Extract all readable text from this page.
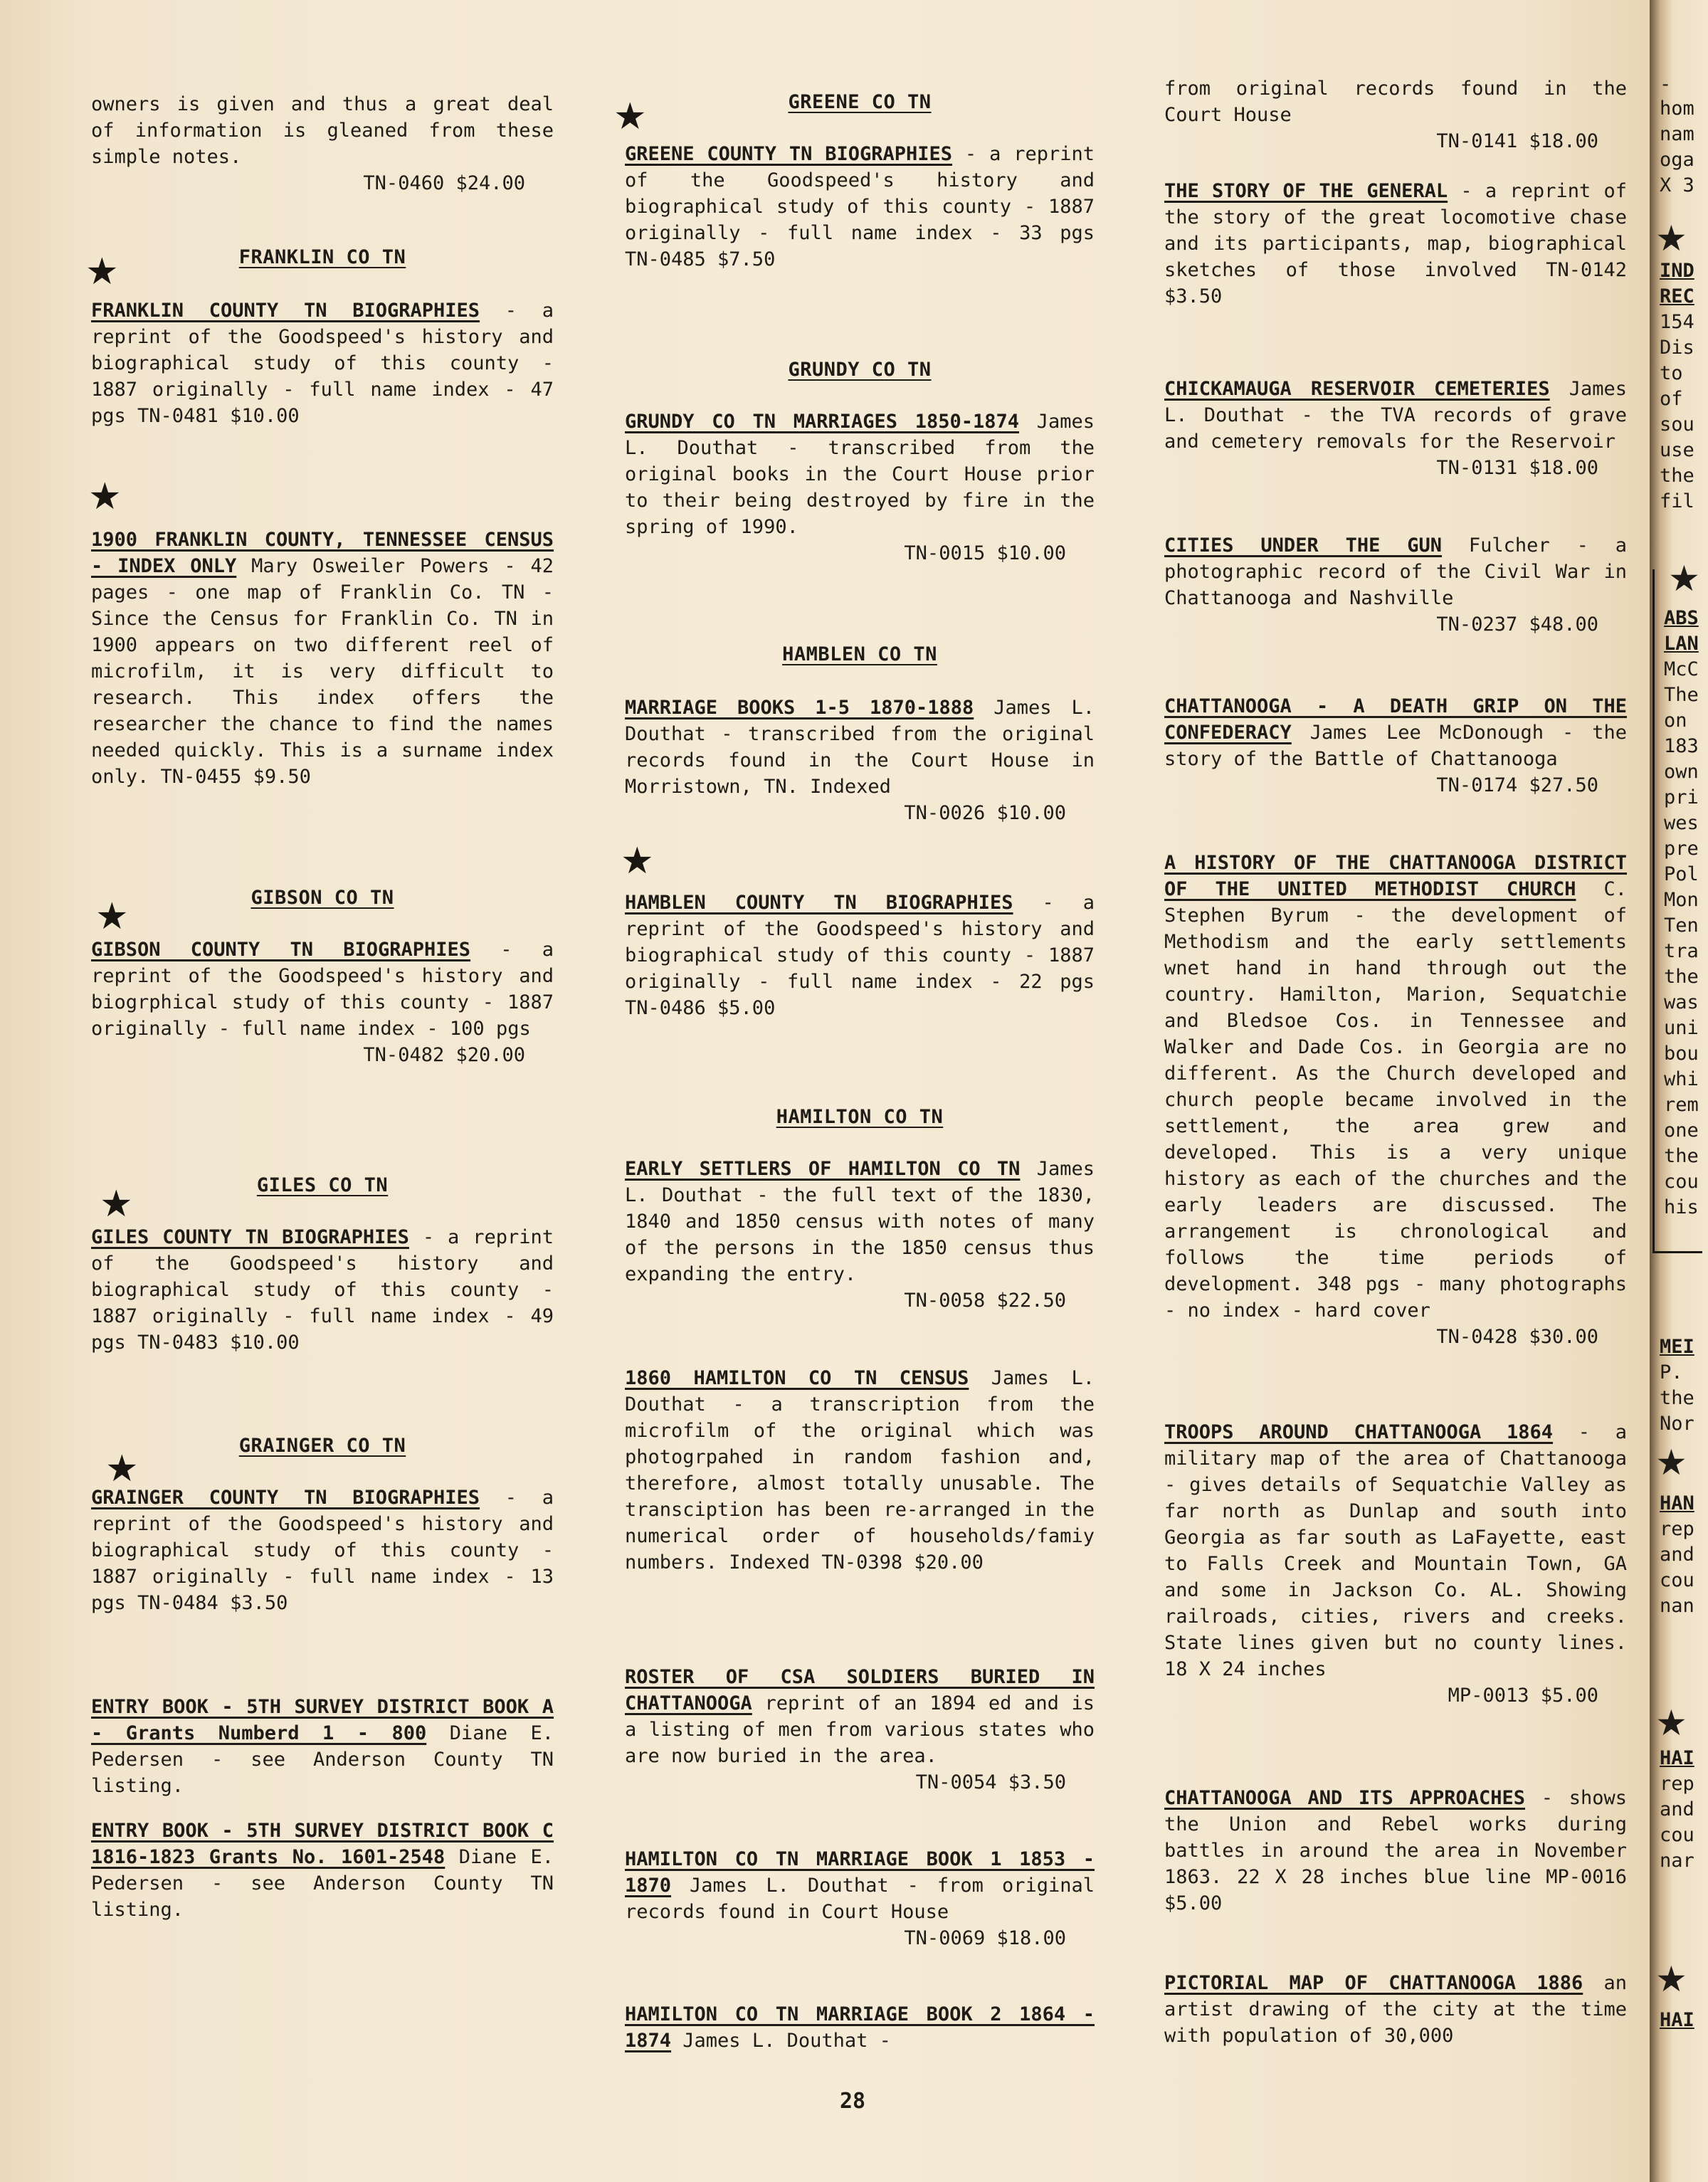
owners is given and thus a great deal of information is gleaned from these simple notes.
TN-0460 $24.00
FRANKLIN CO TN
FRANKLIN COUNTY TN BIOGRAPHIES - a reprint of the Goodspeed's history and biographical study of this county - 1887 originally - full name index - 47 pgs TN-0481 $10.00
1900 FRANKLIN COUNTY, TENNESSEE CENSUS - INDEX ONLY Mary Osweiler Powers - 42 pages - one map of Franklin Co. TN - Since the Census for Franklin Co. TN in 1900 appears on two different reel of microfilm, it is very difficult to research. This index offers the researcher the chance to find the names needed quickly. This is a surname index only. TN-0455 $9.50
GIBSON CO TN
GIBSON COUNTY TN BIOGRAPHIES - a reprint of the Goodspeed's history and biogrphical study of this county - 1887 originally - full name index - 100 pgs
TN-0482 $20.00
GILES CO TN
GILES COUNTY TN BIOGRAPHIES - a reprint of the Goodspeed's history and biographical study of this county - 1887 originally - full name index - 49 pgs TN-0483 $10.00
GRAINGER CO TN
GRAINGER COUNTY TN BIOGRAPHIES - a reprint of the Goodspeed's history and biographical study of this county - 1887 originally - full name index - 13 pgs TN-0484 $3.50
ENTRY BOOK - 5TH SURVEY DISTRICT BOOK A - Grants Numberd 1 - 800 Diane E. Pedersen - see Anderson County TN listing.
ENTRY BOOK - 5TH SURVEY DISTRICT BOOK C 1816-1823 Grants No. 1601-2548 Diane E. Pedersen - see Anderson County TN listing.
GREENE CO TN
GREENE COUNTY TN BIOGRAPHIES - a reprint of the Goodspeed's history and biographical study of this county - 1887 originally - full name index - 33 pgs TN-0485 $7.50
GRUNDY CO TN
GRUNDY CO TN MARRIAGES 1850-1874 James L. Douthat - transcribed from the original books in the Court House prior to their being destroyed by fire in the spring of 1990.
TN-0015 $10.00
HAMBLEN CO TN
MARRIAGE BOOKS 1-5 1870-1888 James L. Douthat - transcribed from the original records found in the Court House in Morristown, TN. Indexed
TN-0026 $10.00
HAMBLEN COUNTY TN BIOGRAPHIES - a reprint of the Goodspeed's history and biographical study of this county - 1887 originally - full name index - 22 pgs TN-0486 $5.00
HAMILTON CO TN
EARLY SETTLERS OF HAMILTON CO TN James L. Douthat - the full text of the 1830, 1840 and 1850 census with notes of many of the persons in the 1850 census thus expanding the entry.
TN-0058 $22.50
1860 HAMILTON CO TN CENSUS James L. Douthat - a transcription from the microfilm of the original which was photogrpahed in random fashion and, therefore, almost totally unusable. The transciption has been re-arranged in the numerical order of households/famiy numbers. Indexed TN-0398 $20.00
ROSTER OF CSA SOLDIERS BURIED IN CHATTANOOGA reprint of an 1894 ed and is a listing of men from various states who are now buried in the area.
TN-0054 $3.50
HAMILTON CO TN MARRIAGE BOOK 1 1853 - 1870 James L. Douthat - from original records found in Court House
TN-0069 $18.00
HAMILTON CO TN MARRIAGE BOOK 2 1864 - 1874 James L. Douthat -
from original records found in the Court House
TN-0141 $18.00
THE STORY OF THE GENERAL - a reprint of the story of the great locomotive chase and its participants, map, biographical sketches of those involved TN-0142 $3.50
CHICKAMAUGA RESERVOIR CEMETERIES James L. Douthat - the TVA records of grave and cemetery removals for the Reservoir
TN-0131 $18.00
CITIES UNDER THE GUN Fulcher - a photographic record of the Civil War in Chattanooga and Nashville
TN-0237 $48.00
CHATTANOOGA - A DEATH GRIP ON THE CONFEDERACY James Lee McDonough - the story of the Battle of Chattanooga
TN-0174 $27.50
A HISTORY OF THE CHATTANOOGA DISTRICT OF THE UNITED METHODIST CHURCH C. Stephen Byrum - the development of Methodism and the early settlements wnet hand in hand through out the country. Hamilton, Marion, Sequatchie and Bledsoe Cos. in Tennessee and Walker and Dade Cos. in Georgia are no different. As the Church developed and church people became involved in the settlement, the area grew and developed. This is a very unique history as each of the churches and the early leaders are discussed. The arrangement is chronological and follows the time periods of development. 348 pgs - many photographs - no index - hard cover
TN-0428 $30.00
TROOPS AROUND CHATTANOOGA 1864 - a military map of the area of Chattanooga - gives details of Sequatchie Valley as far north as Dunlap and south into Georgia as far south as LaFayette, east to Falls Creek and Mountain Town, GA and some in Jackson Co. AL. Showing railroads, cities, rivers and creeks. State lines given but no county lines. 18 X 24 inches
MP-0013 $5.00
CHATTANOOGA AND ITS APPROACHES - shows the Union and Rebel works during battles in around the area in November 1863. 22 X 28 inches blue line MP-0016 $5.00
PICTORIAL MAP OF CHATTANOOGA 1886 an artist drawing of the city at the time with population of 30,000
★
★
★
★
★
★
★
28
-
hom
nam
oga
X 3
★
IND
REC
154
Dis
to
of
sou
use
the
fil
★
ABS
LAN
McC
The
on
183
own
pri
wes
pre
Pol
Mon
Ten
tra
the
was
uni
bou
whi
rem
one
the
cou
his
MEI
P.
the
Nor
★
HAN
rep
and
cou
nan
★
HAI
rep
and
cou
nar
★
HAI
